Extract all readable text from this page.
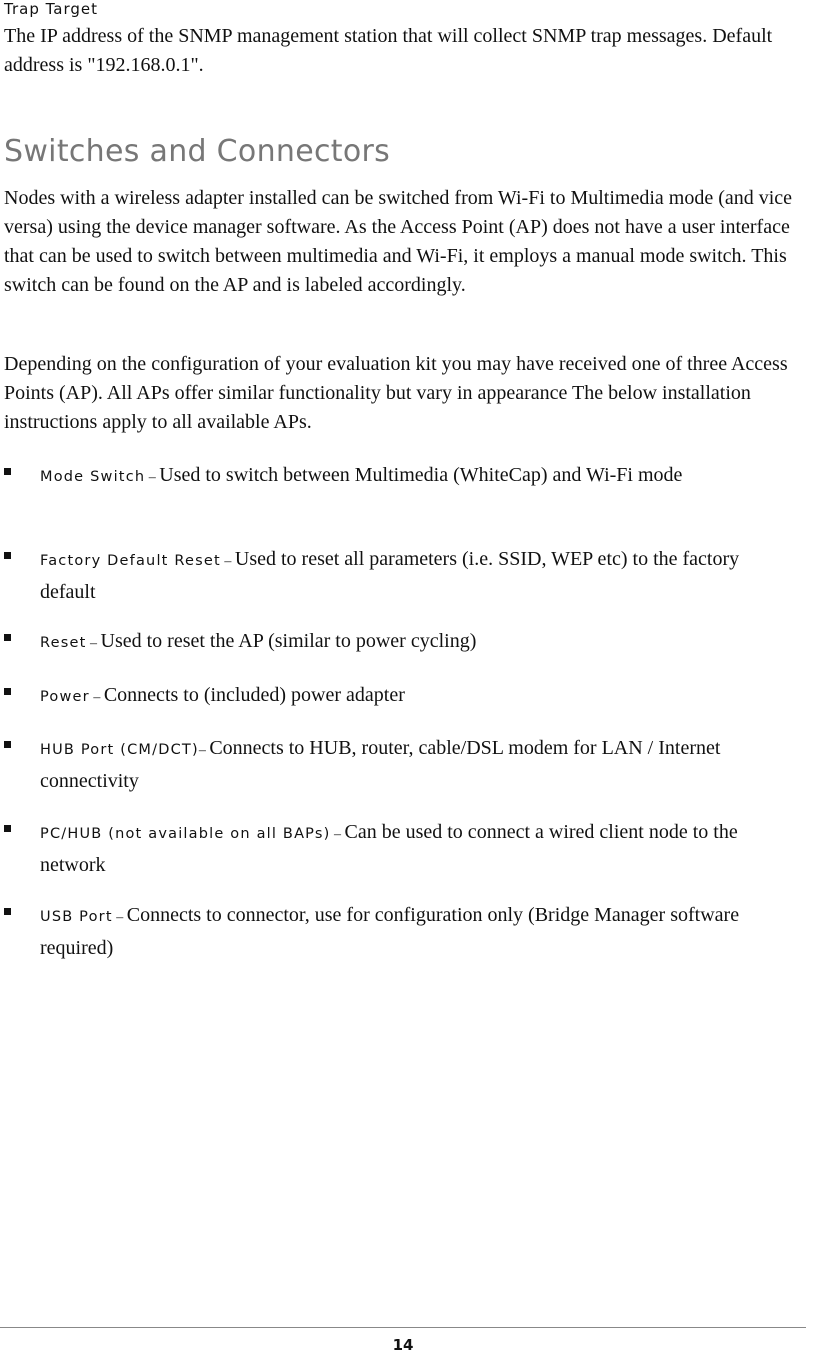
Trap Target

The IP address of the SNMP management station that will collect SNMP trap messages. Default address is "192.168.0.1".

Switches and Connectors

Nodes with a wireless adapter installed can be switched from Wi-Fi to Multimedia mode (and vice versa) using the device manager software. As the Access Point (AP) does not have a user interface that can be used to switch between multimedia and Wi-Fi, it employs a manual mode switch. This switch can be found on the AP and is labeled accordingly.

Depending on the configuration of your evaluation kit you may have received one of three Access Points (AP). All APs offer similar functionality but vary in appearance The below installation instructions apply to all available APs.

Mode Switch – Used to switch between Multimedia (WhiteCap) and Wi-Fi mode
Factory Default Reset – Used to reset all parameters (i.e. SSID, WEP etc) to the factory default
Reset – Used to reset the AP (similar to power cycling)
Power – Connects to (included) power adapter
HUB Port (CM/DCT)– Connects to HUB, router, cable/DSL modem for LAN / Internet connectivity
PC/HUB (not available on all BAPs) – Can be used to connect a wired client node to the network
USB Port – Connects to connector, use for configuration only (Bridge Manager software required)
14
